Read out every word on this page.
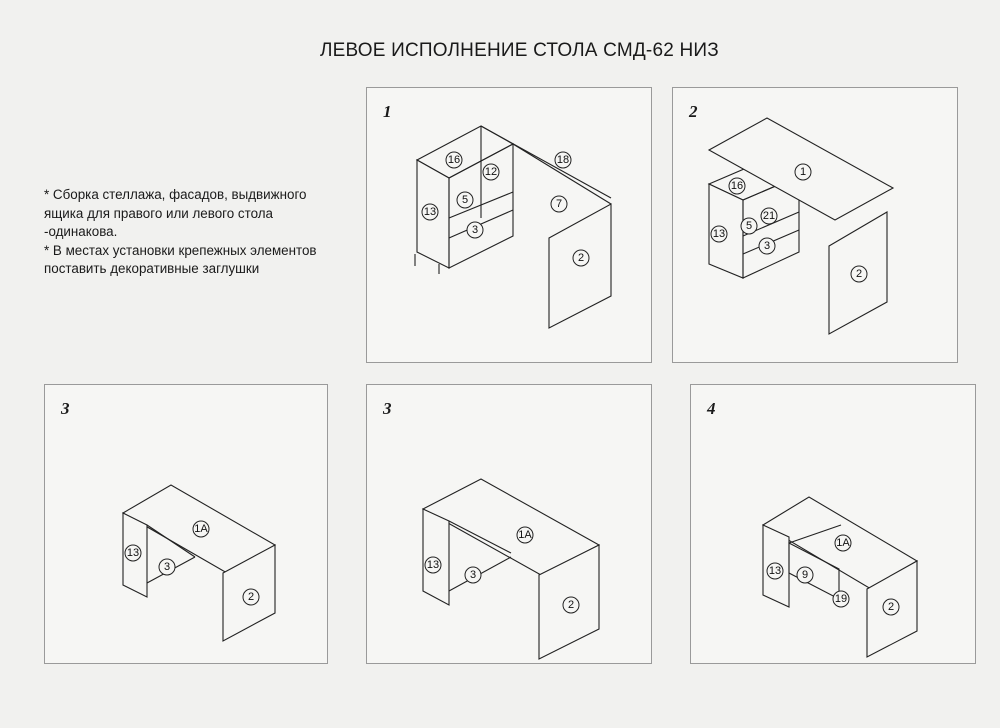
ЛЕВОЕ ИСПОЛНЕНИЕ СТОЛА СМД-62 НИЗ

* Сборка стеллажа, фасадов, выдвижного ящика для правого или левого стола -одинакова.

* В местах установки крепежных элементов поставить декоративные заглушки

1
16
12
18
5	7
13
3
2
2
1
16
21
5
13
3
2
3
1A
13
3
2
3
1A
13
3
2
4
1A
13 9
19
2
